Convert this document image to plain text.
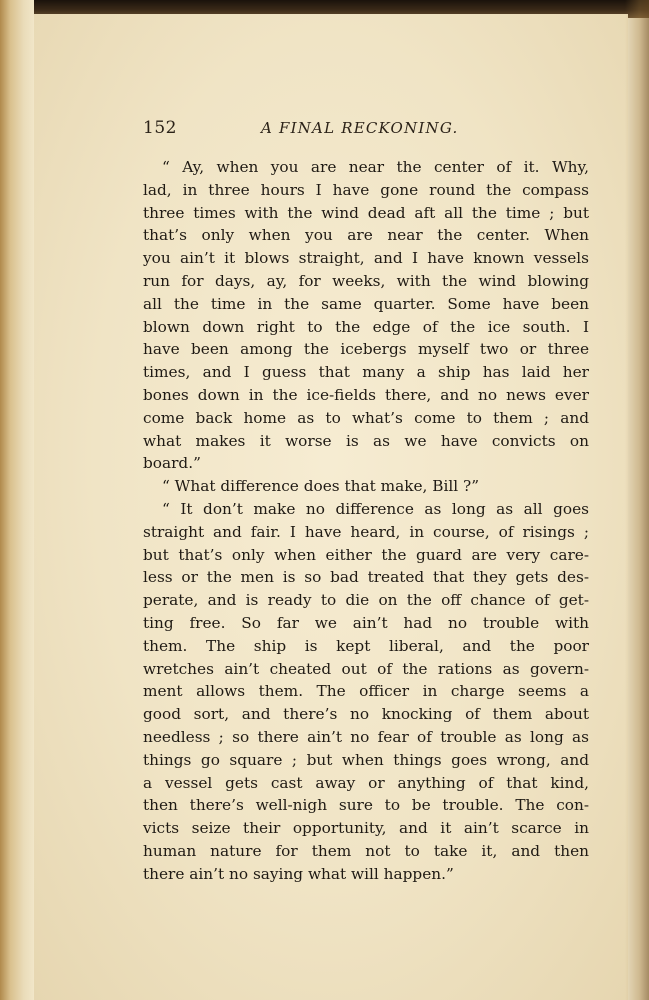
152	A FINAL RECKONING.
“ Ay, when you are near the center of it. Why,
lad, in three hours I have gone round the compass
three times with the wind dead aft all the time ; but
that’s only when you are near the center. When
you ain’t it blows straight, and I have known vessels
run for days, ay, for weeks, with the wind blowing
all the time in the same quarter. Some have been
blown down right to the edge of the ice south. I
have been among the icebergs myself two or three
times, and I guess that many a ship has laid her
bones down in the ice-fields there, and no news ever
come back home as to what’s come to them ; and
what makes it worse is as we have convicts on
board.”
“ What difference does that make, Bill ?”
“ It don’t make no difference as long as all goes
straight and fair. I have heard, in course, of risings ;
but that’s only when either the guard are very care-
less or the men is so bad treated that they gets des-
perate, and is ready to die on the off chance of get-
ting free. So far we ain’t had no trouble with
them. The ship is kept liberal, and the poor
wretches ain’t cheated out of the rations as govern-
ment allows them. The officer in charge seems a
good sort, and there’s no knocking of them about
needless ; so there ain’t no fear of trouble as long as
things go square ; but when things goes wrong, and
a vessel gets cast away or anything of that kind,
then there’s well-nigh sure to be trouble. The con-
victs seize their opportunity, and it ain’t scarce in
human nature for them not to take it, and then
there ain’t no saying what will happen.”
